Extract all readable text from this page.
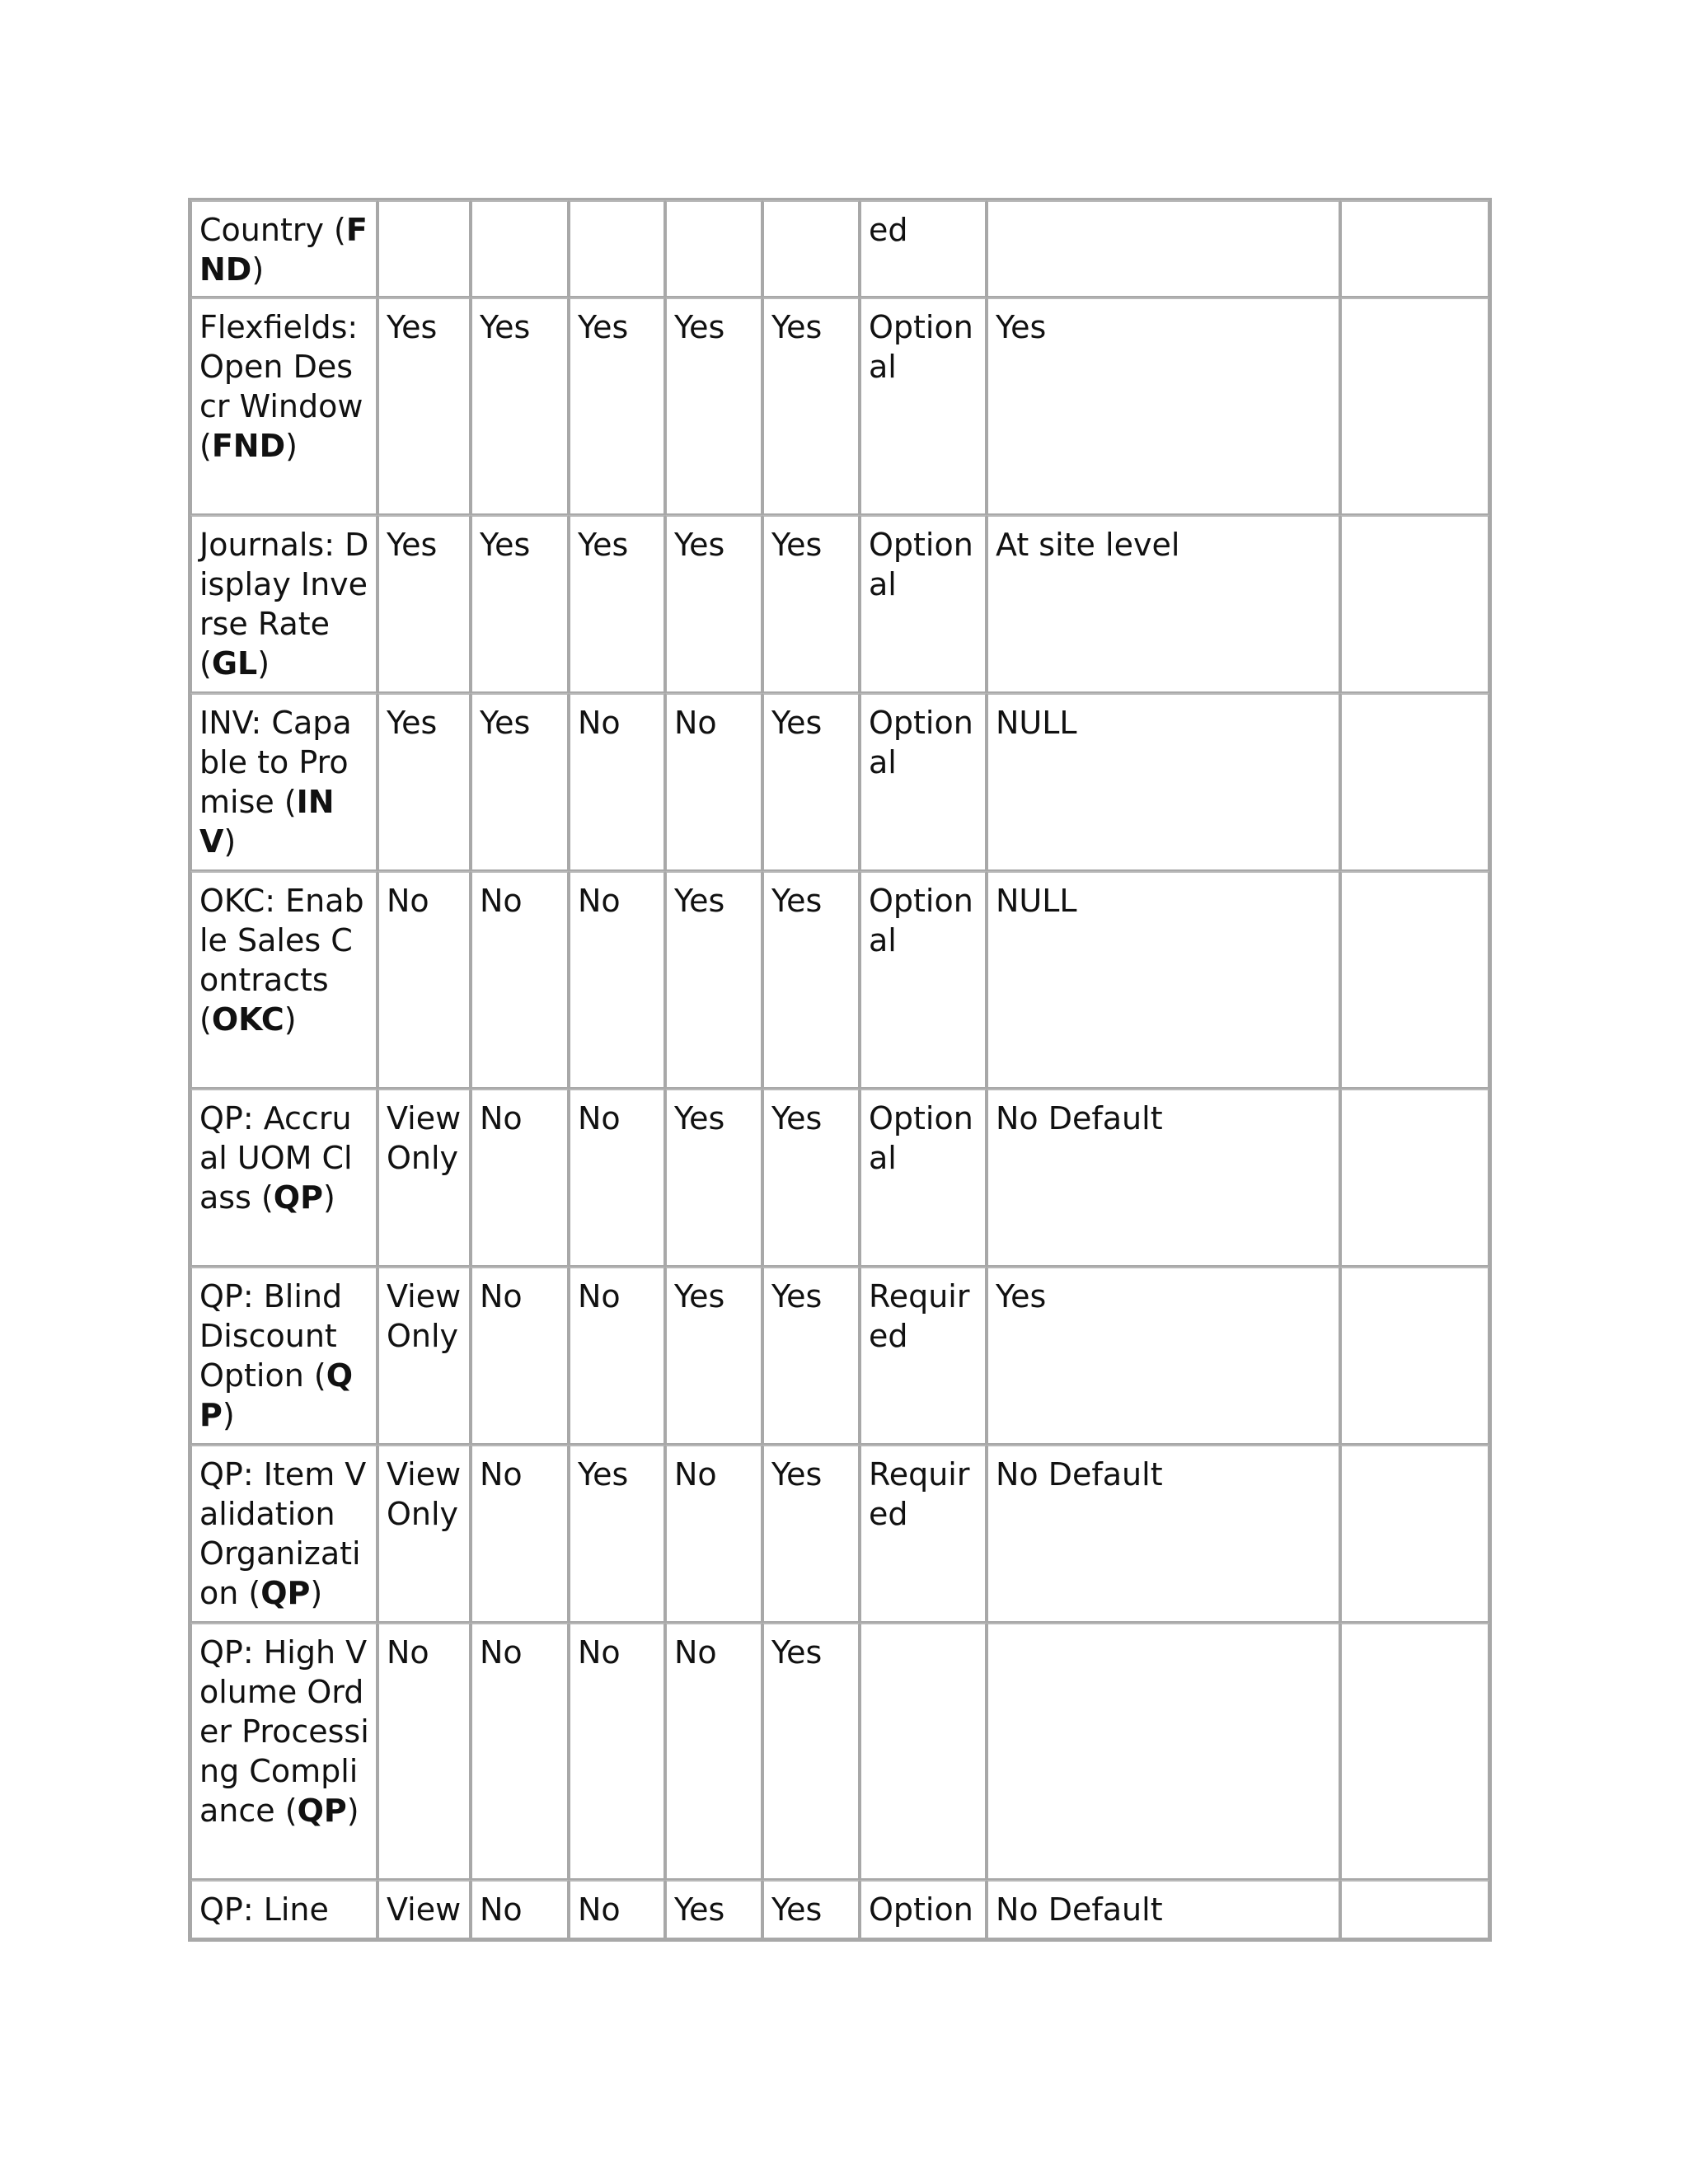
Country (FND)						ed		
Flexfields: Open Descr Window (FND)	Yes	Yes	Yes	Yes	Yes	Optional	Yes	
Journals: Display Inverse Rate (GL)	Yes	Yes	Yes	Yes	Yes	Optional	At site level	
INV: Capable to Promise (INV)	Yes	Yes	No	No	Yes	Optional	NULL	
OKC: Enable Sales Contracts (OKC)	No	No	No	Yes	Yes	Optional	NULL	
QP: Accrual UOM Class (QP)	View Only	No	No	Yes	Yes	Optional	No Default	
QP: Blind Discount Option (QP)	View Only	No	No	Yes	Yes	Required	Yes	
QP: Item Validation Organization (QP)	View Only	No	Yes	No	Yes	Required	No Default	
QP: High Volume Order Processing Compliance (QP)	No	No	No	No	Yes			
QP: Line	View	No	No	Yes	Yes	Option	No Default	
